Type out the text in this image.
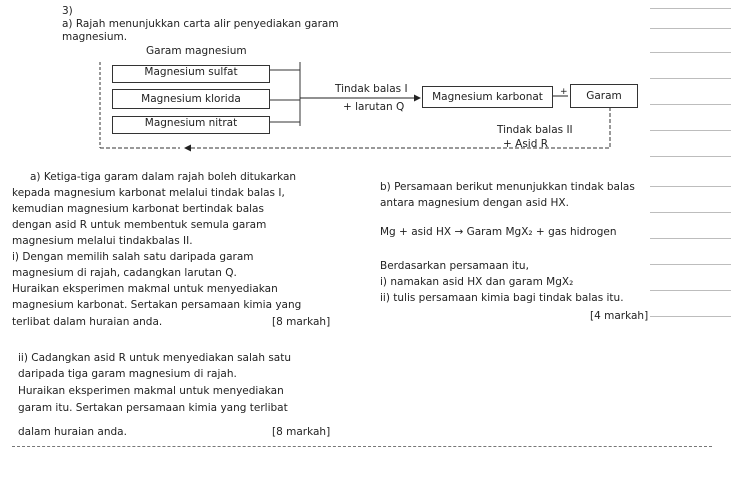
3)
a) Rajah menunjukkan carta alir penyediakan garam
magnesium.
Garam magnesium
Magnesium sulfat
Magnesium klorida
Magnesium nitrat
Tindak balas I
+ larutan Q
Magnesium karbonat	+	Garam
Tindak balas II
+ Asid R
a) Ketiga-tiga garam dalam rajah boleh ditukarkan
kepada magnesium karbonat melalui tindak balas I,
kemudian magnesium karbonat bertindak balas
dengan asid R untuk membentuk semula garam
magnesium melalui tindakbalas II.
i) Dengan memilih salah satu daripada garam
magnesium di rajah, cadangkan larutan Q.
Huraikan eksperimen makmal untuk menyediakan
magnesium karbonat. Sertakan persamaan kimia yang
terlibat dalam huraian anda.	[8 markah]
ii) Cadangkan asid R untuk menyediakan salah satu
daripada tiga garam magnesium di rajah.
Huraikan eksperimen makmal untuk menyediakan
garam itu. Sertakan persamaan kimia yang terlibat
dalam huraian anda.	[8 markah]
b) Persamaan berikut menunjukkan tindak balas
antara magnesium dengan asid HX.
Mg + asid HX → Garam MgX₂ + gas hidrogen
Berdasarkan persamaan itu,
i) namakan asid HX dan garam MgX₂
ii) tulis persamaan kimia bagi tindak balas itu.
[4 markah]
